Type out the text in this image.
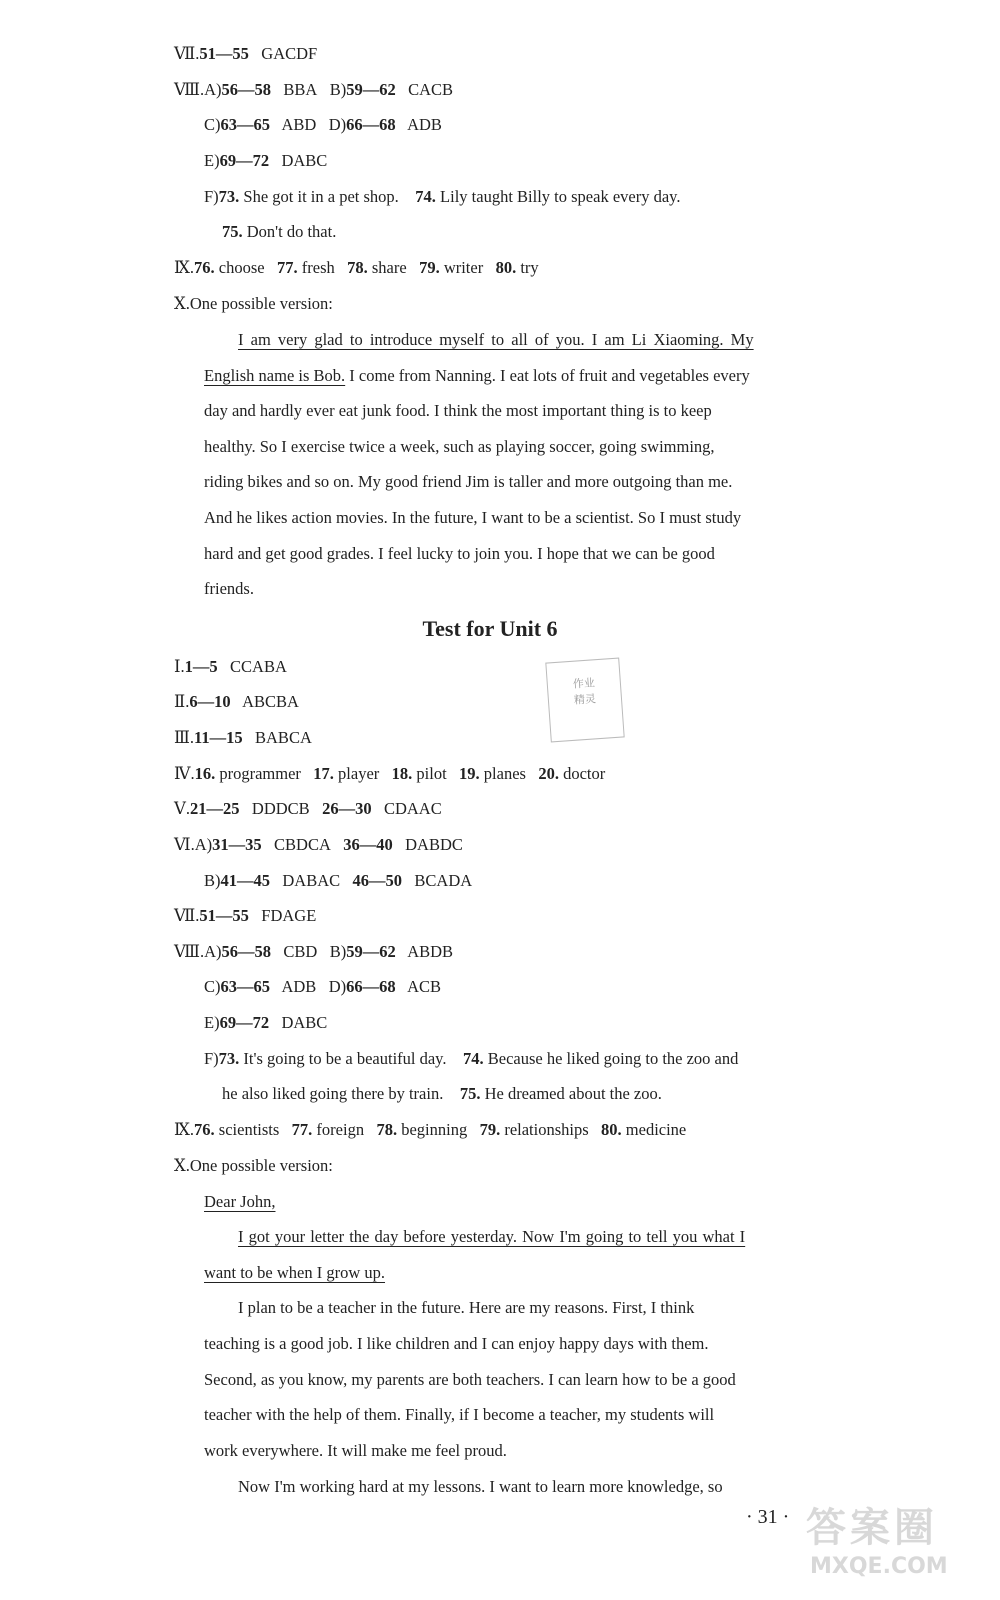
Ⅶ.51—55 GACDF
Ⅷ.A)56—58 BBA B)59—62 CACB
C)63—65 ABD D)66—68 ADB
E)69—72 DABC
F)73. She got it in a pet shop. 74. Lily taught Billy to speak every day.
75. Don't do that.
Ⅸ.76. choose 77. fresh 78. share 79. writer 80. try
Ⅹ.One possible version:
I am very glad to introduce myself to all of you. I am Li Xiaoming. My
English name is Bob. I come from Nanning. I eat lots of fruit and vegetables every
day and hardly ever eat junk food. I think the most important thing is to keep
healthy. So I exercise twice a week, such as playing soccer, going swimming,
riding bikes and so on. My good friend Jim is taller and more outgoing than me.
And he likes action movies. In the future, I want to be a scientist. So I must study
hard and get good grades. I feel lucky to join you. I hope that we can be good
friends.
Test for Unit 6
作业
精灵
Ⅰ.1—5 CCABA
Ⅱ.6—10 ABCBA
Ⅲ.11—15 BABCA
Ⅳ.16. programmer 17. player 18. pilot 19. planes 20. doctor
Ⅴ.21—25 DDDCB 26—30 CDAAC
Ⅵ.A)31—35 CBDCA 36—40 DABDC
B)41—45 DABAC 46—50 BCADA
Ⅶ.51—55 FDAGE
Ⅷ.A)56—58 CBD B)59—62 ABDB
C)63—65 ADB D)66—68 ACB
E)69—72 DABC
F)73. It's going to be a beautiful day. 74. Because he liked going to the zoo and
he also liked going there by train. 75. He dreamed about the zoo.
Ⅸ.76. scientists 77. foreign 78. beginning 79. relationships 80. medicine
Ⅹ.One possible version:
Dear John,
I got your letter the day before yesterday. Now I'm going to tell you what I
want to be when I grow up.
I plan to be a teacher in the future. Here are my reasons. First, I think
teaching is a good job. I like children and I can enjoy happy days with them.
Second, as you know, my parents are both teachers. I can learn how to be a good
teacher with the help of them. Finally, if I become a teacher, my students will
work everywhere. It will make me feel proud.
Now I'm working hard at my lessons. I want to learn more knowledge, so
· 31 · 答案圈
MXQE.COM
